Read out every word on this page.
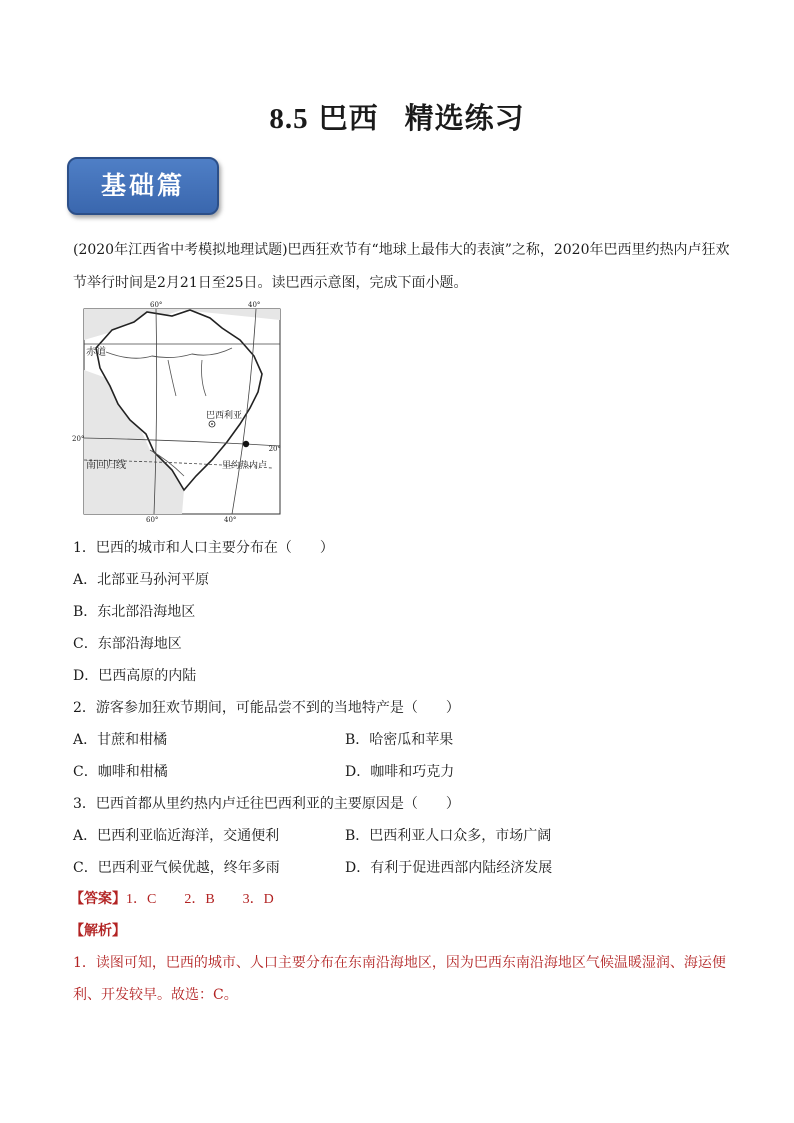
8.5 巴西 精选练习
基础篇
(2020年江西省中考模拟地理试题)巴西狂欢节有“地球上最伟大的表演”之称，2020年巴西里约热内卢狂欢
节举行时间是2月21日至25日。读巴西示意图，完成下面小题。
60°	40°
60°	40°
20°
20°
赤道
南回归线
巴西利亚
里约热内卢
1．巴西的城市和人口主要分布在（　　）
A．北部亚马孙河平原
B．东北部沿海地区
C．东部沿海地区
D．巴西高原的内陆
2．游客参加狂欢节期间，可能品尝不到的当地特产是（　　）
A．甘蔗和柑橘	B．哈密瓜和苹果
C．咖啡和柑橘	D．咖啡和巧克力
3．巴西首都从里约热内卢迁往巴西利亚的主要原因是（　　）
A．巴西利亚临近海洋，交通便利	B．巴西利亚人口众多，市场广阔
C．巴西利亚气候优越，终年多雨	D．有利于促进西部内陆经济发展
【答案】1．C　　2．B　　3．D
【解析】
1．读图可知，巴西的城市、人口主要分布在东南沿海地区，因为巴西东南沿海地区气候温暖湿润、海运便
利、开发较早。故选：C。
